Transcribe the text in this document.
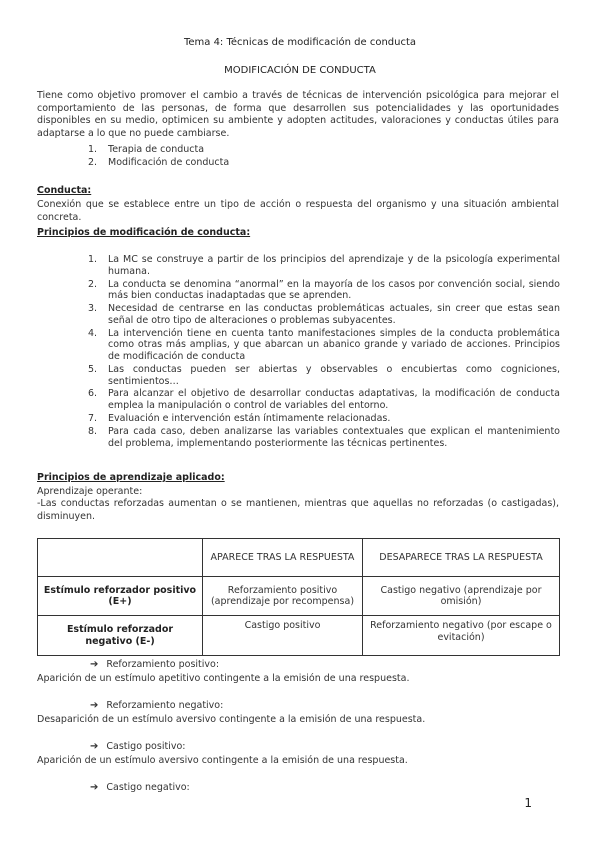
Tema 4: Técnicas de modificación de conducta
MODIFICACIÓN DE CONDUCTA
Tiene como objetivo promover el cambio a través de técnicas de intervención psicológica para mejorar el comportamiento de las personas, de forma que desarrollen sus potencialidades y las oportunidades disponibles en su medio, optimicen su ambiente y adopten actitudes, valoraciones y conductas útiles para adaptarse a lo que no puede cambiarse.
1. Terapia de conducta
2. Modificación de conducta
Conducta:
Conexión que se establece entre un tipo de acción o respuesta del organismo y una situación ambiental concreta.
Principios de modificación de conducta:
1. La MC se construye a partir de los principios del aprendizaje y de la psicología experimental humana.
2. La conducta se denomina “anormal” en la mayoría de los casos por convención social, siendo más bien conductas inadaptadas que se aprenden.
3. Necesidad de centrarse en las conductas problemáticas actuales, sin creer que estas sean señal de otro tipo de alteraciones o problemas subyacentes.
4. La intervención tiene en cuenta tanto manifestaciones simples de la conducta problemática como otras más amplias, y que abarcan un abanico grande y variado de acciones. Principios de modificación de conducta
5. Las conductas pueden ser abiertas y observables o encubiertas como cogniciones, sentimientos…
6. Para alcanzar el objetivo de desarrollar conductas adaptativas, la modificación de conducta emplea la manipulación o control de variables del entorno.
7. Evaluación e intervención están íntimamente relacionadas.
8. Para cada caso, deben analizarse las variables contextuales que explican el mantenimiento del problema, implementando posteriormente las técnicas pertinentes.
Principios de aprendizaje aplicado:
Aprendizaje operante:
-Las conductas reforzadas aumentan o se mantienen, mientras que aquellas no reforzadas (o castigadas), disminuyen.
	APARECE TRAS LA RESPUESTA	DESAPARECE TRAS LA RESPUESTA
Estímulo reforzador positivo (E+)	Reforzamiento positivo (aprendizaje por recompensa)	Castigo negativo (aprendizaje por omisión)
Estímulo reforzador negativo (E-)	Castigo positivo	Reforzamiento negativo (por escape o evitación)
➔ Reforzamiento positivo:
Aparición de un estímulo apetitivo contingente a la emisión de una respuesta.
➔ Reforzamiento negativo:
Desaparición de un estímulo aversivo contingente a la emisión de una respuesta.
➔ Castigo positivo:
Aparición de un estímulo aversivo contingente a la emisión de una respuesta.
➔ Castigo negativo:
1
